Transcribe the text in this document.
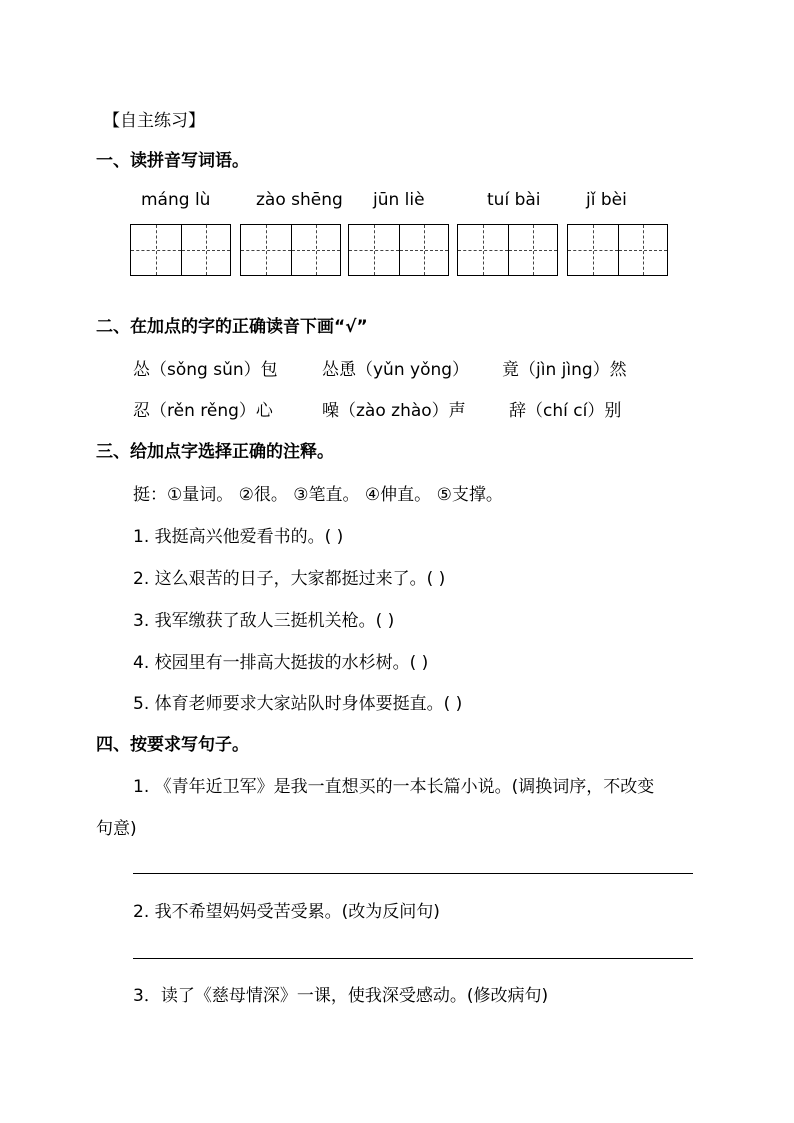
【自主练习】
一、读拼音写词语。
máng lù	zào shēng jūn liè	tuí bài	jǐ bèi
二、在加点的字的正确读音下画“√”
怂（sǒng sǔn）包	怂恿（yǔn yǒng） 竟（jìn jìng）然
忍（rěn rěng）心	噪（zào zhào）声	辞（chí cí）别
三、给加点字选择正确的注释。
挺：①量词。 ②很。 ③笔直。 ④伸直。 ⑤支撑。
1. 我挺高兴他爱看书的。( )
2. 这么艰苦的日子，大家都挺过来了。( )
3. 我军缴获了敌人三挺机关枪。( )
4. 校园里有一排高大挺拔的水杉树。( )
5. 体育老师要求大家站队时身体要挺直。( )
四、按要求写句子。
1. 《青年近卫军》是我一直想买的一本长篇小说。(调换词序，不改变
句意)
2. 我不希望妈妈受苦受累。(改为反问句)
3．读了《慈母情深》一课，使我深受感动。(修改病句)
